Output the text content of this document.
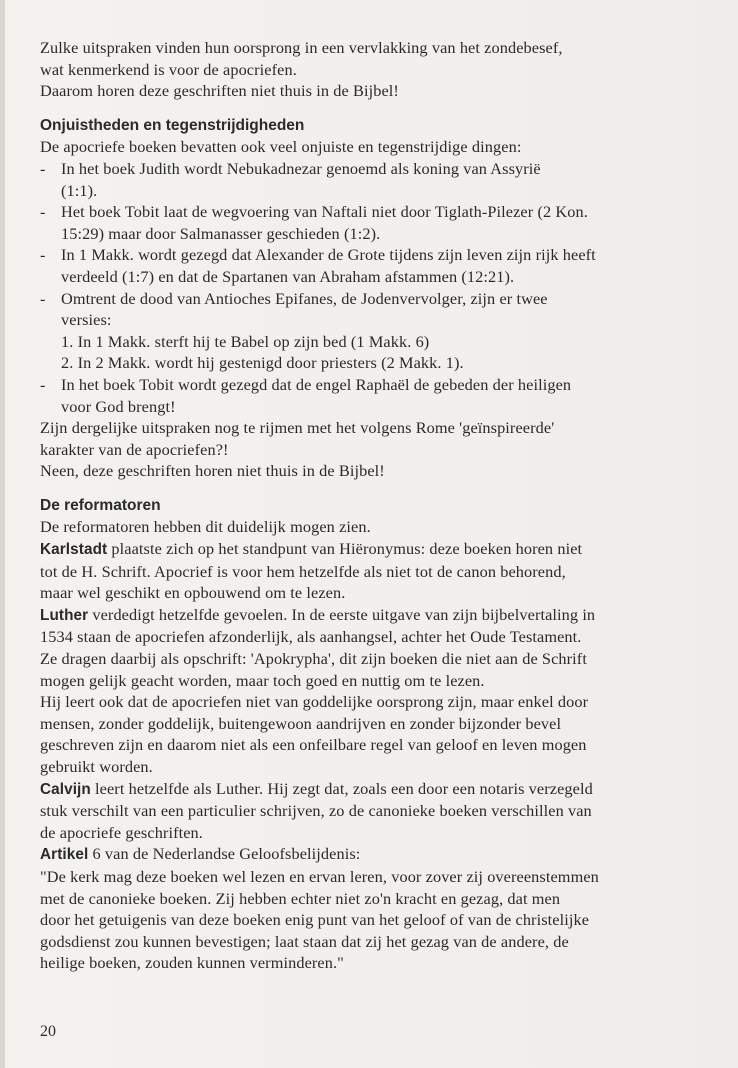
Zulke uitspraken vinden hun oorsprong in een vervlakking van het zondebesef,
wat kenmerkend is voor de apocriefen.

Daarom horen deze geschriften niet thuis in de Bijbel!

Onjuistheden en tegenstrijdigheden

De apocriefe boeken bevatten ook veel onjuiste en tegenstrijdige dingen:

- In het boek Judith wordt Nebukadnezar genoemd als koning van Assyrië
(1:1).
- Het boek Tobit laat de wegvoering van Naftali niet door Tiglath-Pilezer (2 Kon.
15:29) maar door Salmanasser geschieden (1:2).
- In 1 Makk. wordt gezegd dat Alexander de Grote tijdens zijn leven zijn rijk heeft
verdeeld (1:7) en dat de Spartanen van Abraham afstammen (12:21).
- Omtrent de dood van Antioches Epifanes, de Jodenvervolger, zijn er twee
versies:
1. In 1 Makk. sterft hij te Babel op zijn bed (1 Makk. 6)
2. In 2 Makk. wordt hij gestenigd door priesters (2 Makk. 1).
- In het boek Tobit wordt gezegd dat de engel Raphaël de gebeden der heiligen
voor God brengt!

Zijn dergelijke uitspraken nog te rijmen met het volgens Rome 'geïnspireerde'
karakter van de apocriefen?!

Neen, deze geschriften horen niet thuis in de Bijbel!

De reformatoren

De reformatoren hebben dit duidelijk mogen zien.

Karlstadt plaatste zich op het standpunt van Hiëronymus: deze boeken horen niet
tot de H. Schrift. Apocrief is voor hem hetzelfde als niet tot de canon behorend,
maar wel geschikt en opbouwend om te lezen.

Luther verdedigt hetzelfde gevoelen. In de eerste uitgave van zijn bijbelvertaling in
1534 staan de apocriefen afzonderlijk, als aanhangsel, achter het Oude Testament.
Ze dragen daarbij als opschrift: 'Apokrypha', dit zijn boeken die niet aan de Schrift
mogen gelijk geacht worden, maar toch goed en nuttig om te lezen.

Hij leert ook dat de apocriefen niet van goddelijke oorsprong zijn, maar enkel door
mensen, zonder goddelijk, buitengewoon aandrijven en zonder bijzonder bevel
geschreven zijn en daarom niet als een onfeilbare regel van geloof en leven mogen
gebruikt worden.

Calvijn leert hetzelfde als Luther. Hij zegt dat, zoals een door een notaris verzegeld
stuk verschilt van een particulier schrijven, zo de canonieke boeken verschillen van
de apocriefe geschriften.

Artikel 6 van de Nederlandse Geloofsbelijdenis:

"De kerk mag deze boeken wel lezen en ervan leren, voor zover zij overeenstemmen
met de canonieke boeken. Zij hebben echter niet zo'n kracht en gezag, dat men
door het getuigenis van deze boeken enig punt van het geloof of van de christelijke
godsdienst zou kunnen bevestigen; laat staan dat zij het gezag van de andere, de
heilige boeken, zouden kunnen verminderen."

20
